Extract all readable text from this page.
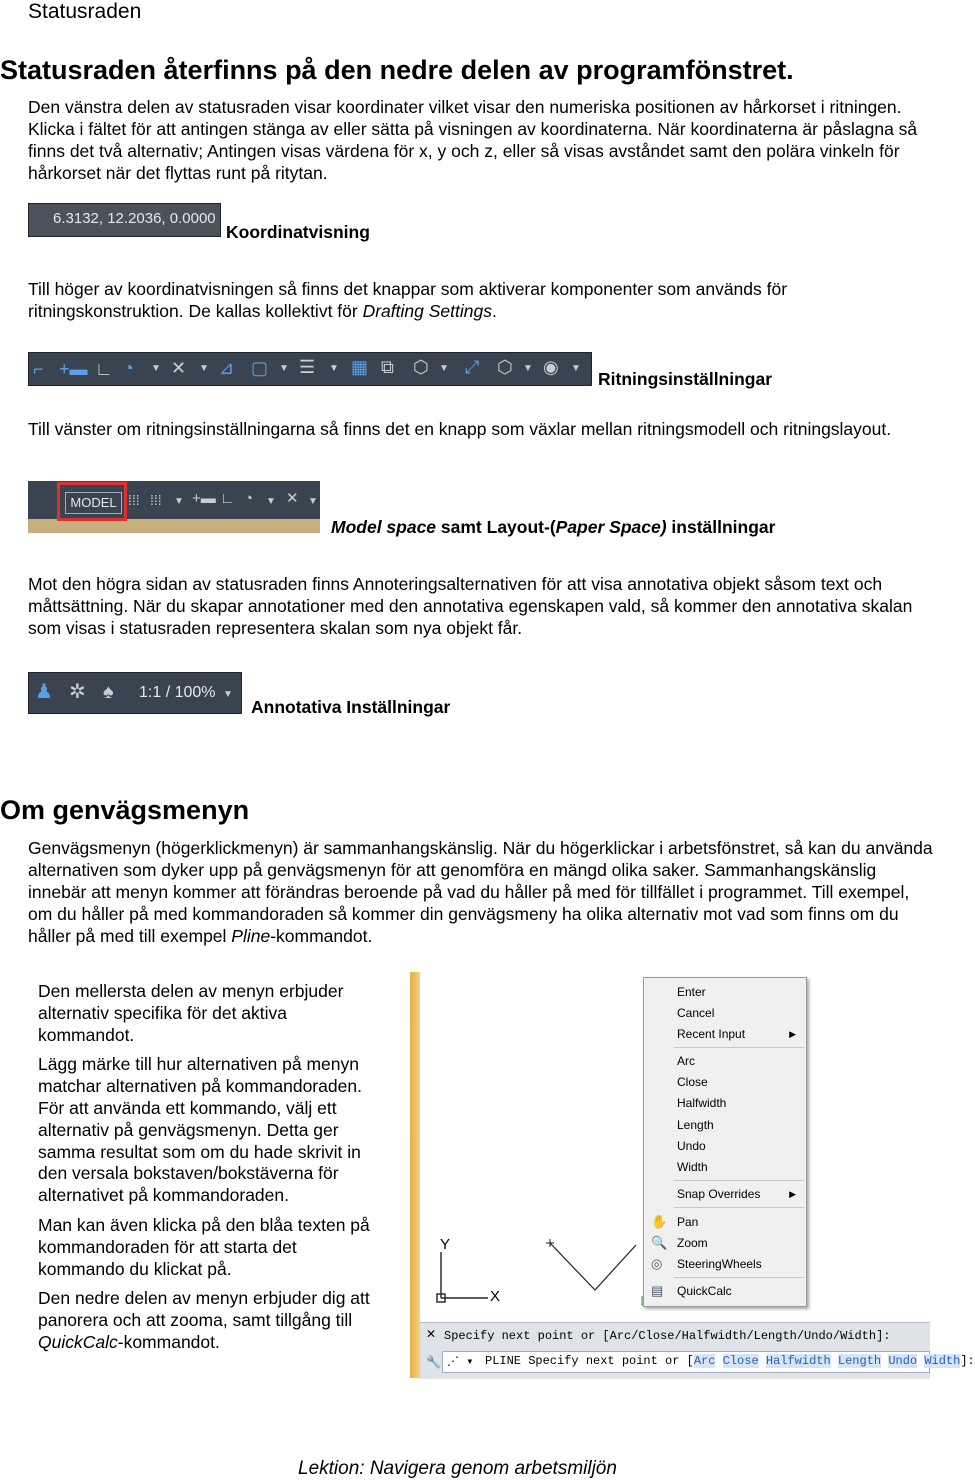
Statusraden
Statusraden återfinns på den nedre delen av programfönstret.
Den vänstra delen av statusraden visar koordinater vilket visar den numeriska positionen av hårkorset i ritningen.
Klicka i fältet för att antingen stänga av eller sätta på visningen av koordinaterna. När koordinaterna är påslagna så
finns det två alternativ; Antingen visas värdena för x, y och z, eller så visas avståndet samt den polära vinkeln för
hårkorset när det flyttas runt på ritytan.
6.3132, 12.2036, 0.0000
Koordinatvisning
Till höger av koordinatvisningen så finns det knappar som aktiverar komponenter som används för
ritningskonstruktion. De kallas kollektivt för Drafting Settings.
⌐ +▬ ∟ ◔ ▼ ✕ ▼ ⊿ ▢ ▼ ☰ ▼ ▦ ⧉ ⬡ ▼ ⤢ ⬡ ▼ ◉ ▼
Ritningsinställningar
Till vänster om ritningsinställningarna så finns det en knapp som växlar mellan ritningsmodell och ritningslayout.
MODEL ⁞⁞⁞ ⁞⁞⁞ ▼ +▬ ∟ ◔ ▼ ✕ ▼
Model space samt Layout-(Paper Space) inställningar
Mot den högra sidan av statusraden finns Annoteringsalternativen för att visa annotativa objekt såsom text och
måttsättning. När du skapar annotationer med den annotativa egenskapen vald, så kommer den annotativa skalan
som visas i statusraden representera skalan som nya objekt får.
♟ ✲ ♠ 1:1 / 100% ▼
Annotativa Inställningar
Om genvägsmenyn
Genvägsmenyn (högerklickmenyn) är sammanhangskänslig. När du högerklickar i arbetsfönstret, så kan du använda
alternativen som dyker upp på genvägsmenyn för att genomföra en mängd olika saker. Sammanhangskänslig
innebär att menyn kommer att förändras beroende på vad du håller på med för tillfället i programmet. Till exempel,
om du håller på med kommandoraden så kommer din genvägsmeny ha olika alternativ mot vad som finns om du
håller på med till exempel Pline-kommandot.
Den mellersta delen av menyn erbjuder
alternativ specifika för det aktiva
kommandot.
Lägg märke till hur alternativen på menyn
matchar alternativen på kommandoraden.
För att använda ett kommando, välj ett
alternativ på genvägsmenyn. Detta ger
samma resultat som om du hade skrivit in
den versala bokstaven/bokstäverna för
alternativet på kommandoraden.
Man kan även klicka på den blåa texten på
kommandoraden för att starta det
kommando du klickat på.
Den nedre delen av menyn erbjuder dig att
panorera och att zooma, samt tillgång till
QuickCalc-kommandot.
Y
X
✕
🔧
Specify next point or [Arc/Close/Halfwidth/Length/Undo/Width]:
⋰ ▾ PLINE Specify next point or [Arc Close Halfwidth Length Undo Width]:
Enter
Cancel
Recent Input	▶
Arc
Close
Halfwidth
Length
Undo
Width
Snap Overrides	▶
✋ Pan
🔍 Zoom
◎ SteeringWheels
▤ QuickCalc
Lektion: Navigera genom arbetsmiljön
